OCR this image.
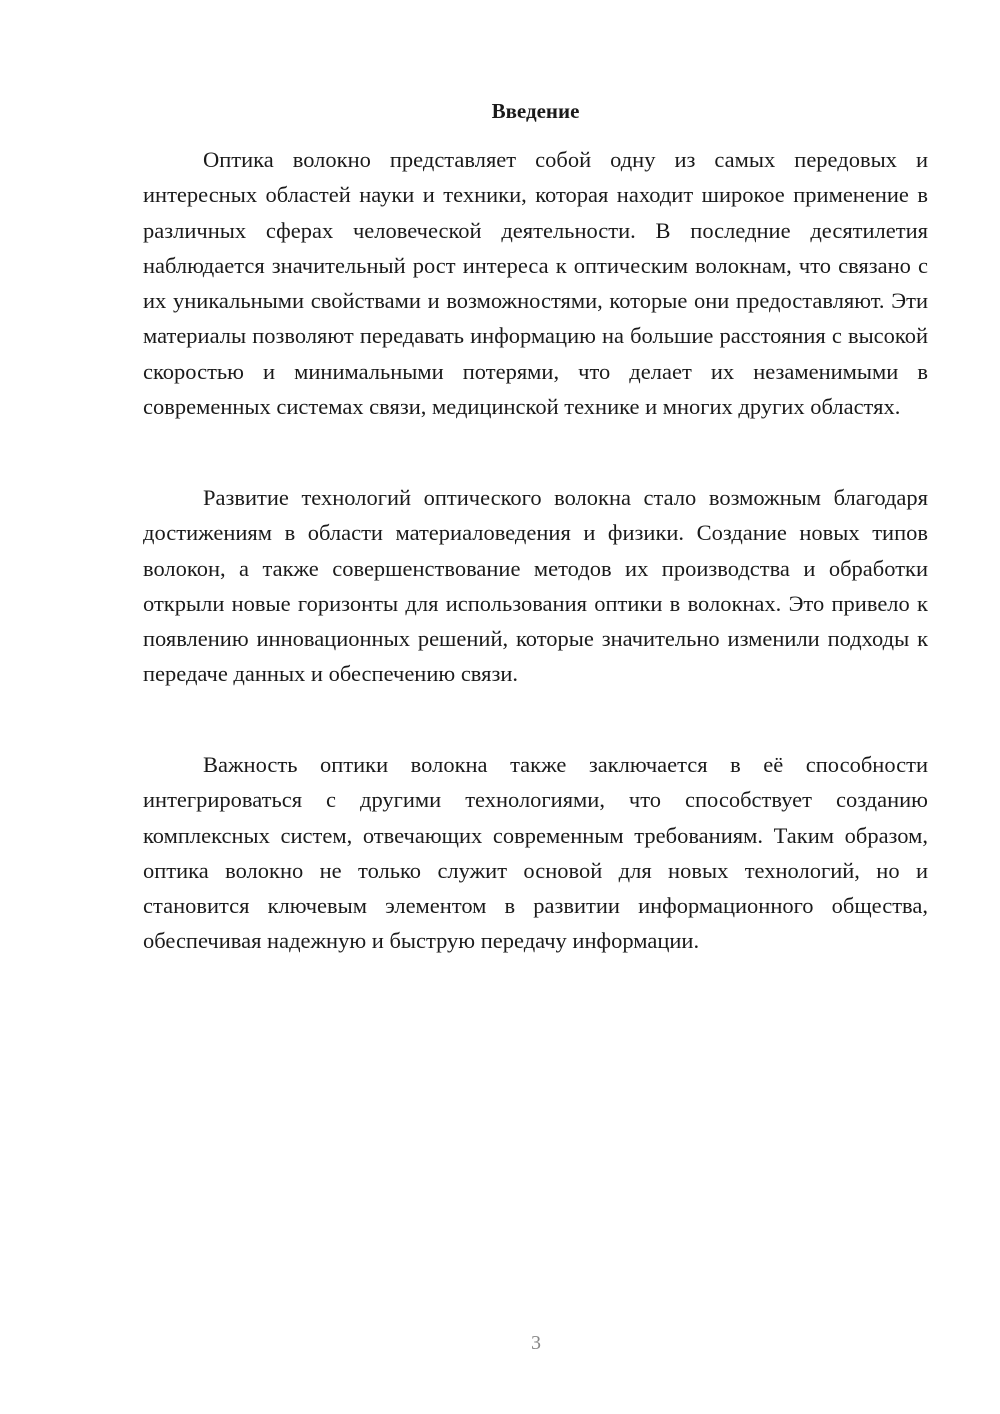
Введение

Оптика волокно представляет собой одну из самых передовых и интересных областей науки и техники, которая находит широкое применение в различных сферах человеческой деятельности. В последние десятилетия наблюдается значительный рост интереса к оптическим волокнам, что связано с их уникальными свойствами и возможностями, которые они предоставляют. Эти материалы позволяют передавать информацию на большие расстояния с высокой скоростью и минимальными потерями, что делает их незаменимыми в современных системах связи, медицинской технике и многих других областях.

Развитие технологий оптического волокна стало возможным благодаря достижениям в области материаловедения и физики. Создание новых типов волокон, а также совершенствование методов их производства и обработки открыли новые горизонты для использования оптики в волокнах. Это привело к появлению инновационных решений, которые значительно изменили подходы к передаче данных и обеспечению связи.

Важность оптики волокна также заключается в её способности интегрироваться с другими технологиями, что способствует созданию комплексных систем, отвечающих современным требованиям. Таким образом, оптика волокно не только служит основой для новых технологий, но и становится ключевым элементом в развитии информационного общества, обеспечивая надежную и быструю передачу информации.

3
